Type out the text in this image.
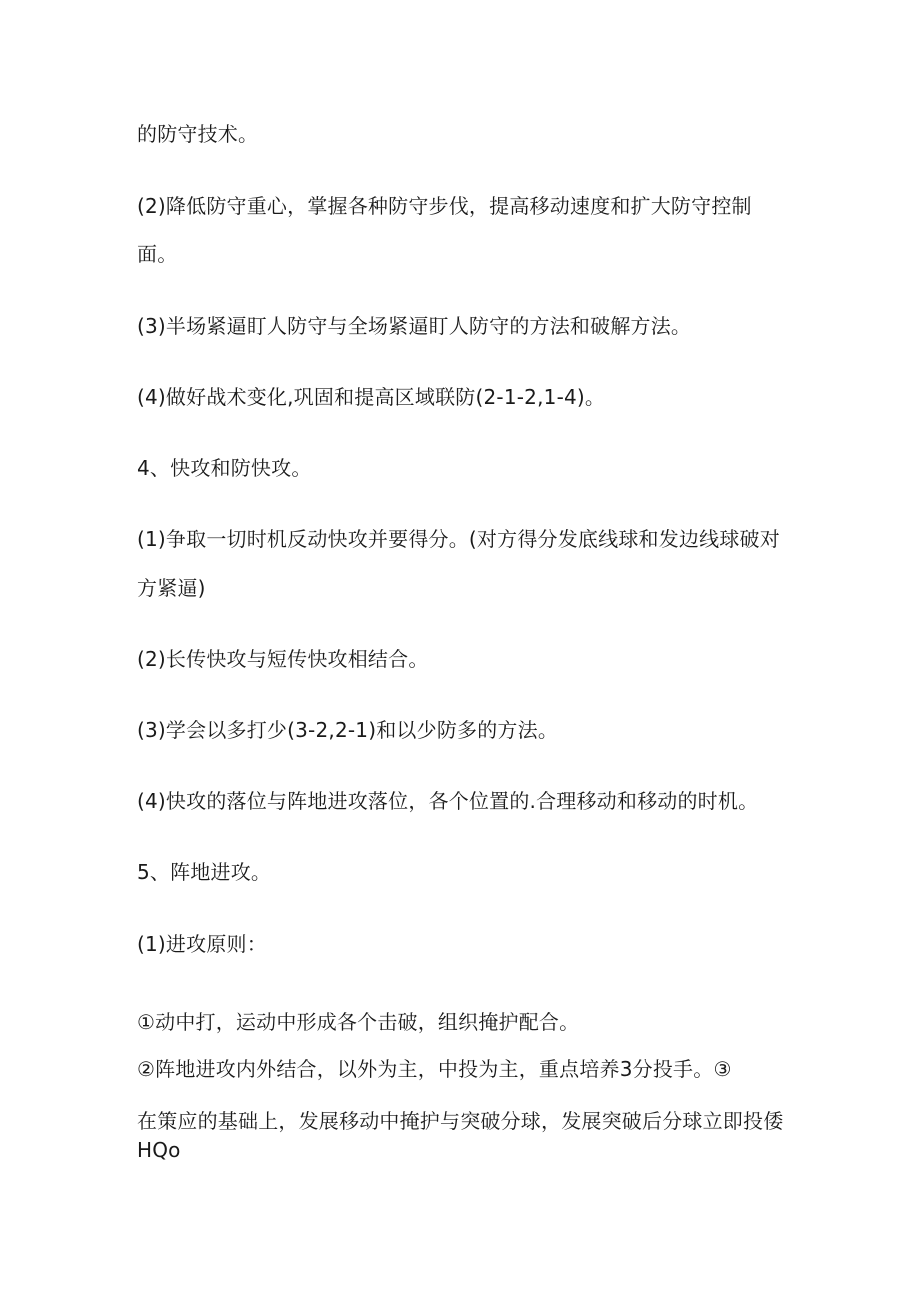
的防守技术。
(2)降低防守重心，掌握各种防守步伐，提高移动速度和扩大防守控制
面。
(3)半场紧逼盯人防守与全场紧逼盯人防守的方法和破解方法。
(4)做好战术变化,巩固和提高区域联防(2-1-2,1-4)。
4、快攻和防快攻。
(1)争取一切时机反动快攻并要得分。(对方得分发底线球和发边线球破对
方紧逼)
(2)长传快攻与短传快攻相结合。
(3)学会以多打少(3-2,2-1)和以少防多的方法。
(4)快攻的落位与阵地进攻落位，各个位置的.合理移动和移动的时机。
5、阵地进攻。
(1)进攻原则：
①动中打，运动中形成各个击破，组织掩护配合。
②阵地进攻内外结合，以外为主，中投为主，重点培养3分投手。③
在策应的基础上，发展移动中掩护与突破分球，发展突破后分球立即投倭
HQo
